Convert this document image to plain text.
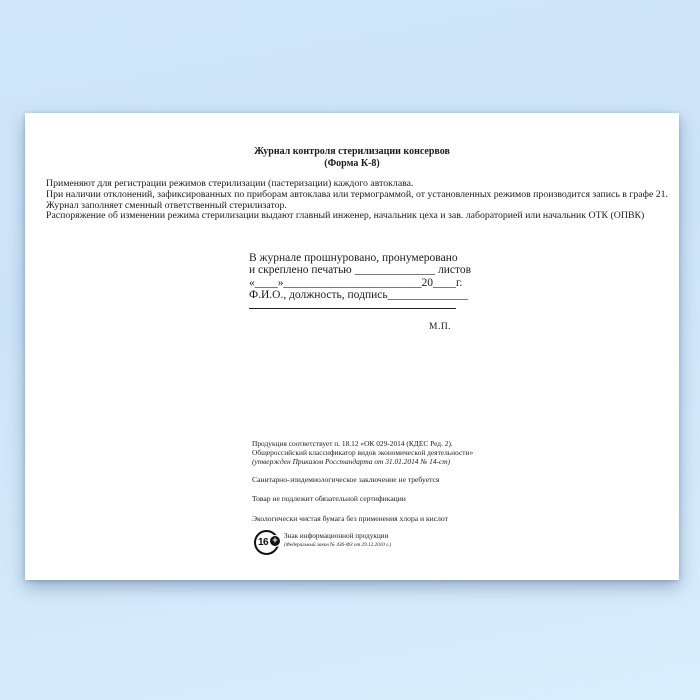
Журнал контроля стерилизации консервов
(Форма К-8)
Применяют для регистрации режимов стерилизации (пастеризации) каждого автоклава.
При наличии отклонений, зафиксированных по приборам автоклава или термограммой, от установленных режимов производится запись в графе 21.
Журнал заполняет сменный ответственный стерилизатор.
Распоряжение об изменении режима стерилизации выдают главный инженер, начальник цеха и зав. лабораторией или начальник ОТК (ОПВК)
В журнале прошнуровано, пронумеровано
и скреплено печатью ______________ листов
«____»________________________20____г.
Ф.И.О., должность, подпись______________
М.П.
Продукция соответствует п. 18.12 «ОК 029-2014 (КДЕС Ред. 2).
Общероссийский классификатор видов экономической деятельности»
(утвержден Приказом Росстандарта от 31.01.2014 № 14-ст)
Санитарно-эпидемиологическое заключение не требуется
Товар не подлежит обязательной сертификации
Экологически чистая бумага без применения хлора и кислот
16 + Знак информационной продукции
(Федеральный закон № 436-ФЗ от 29.12.2010 г.)
